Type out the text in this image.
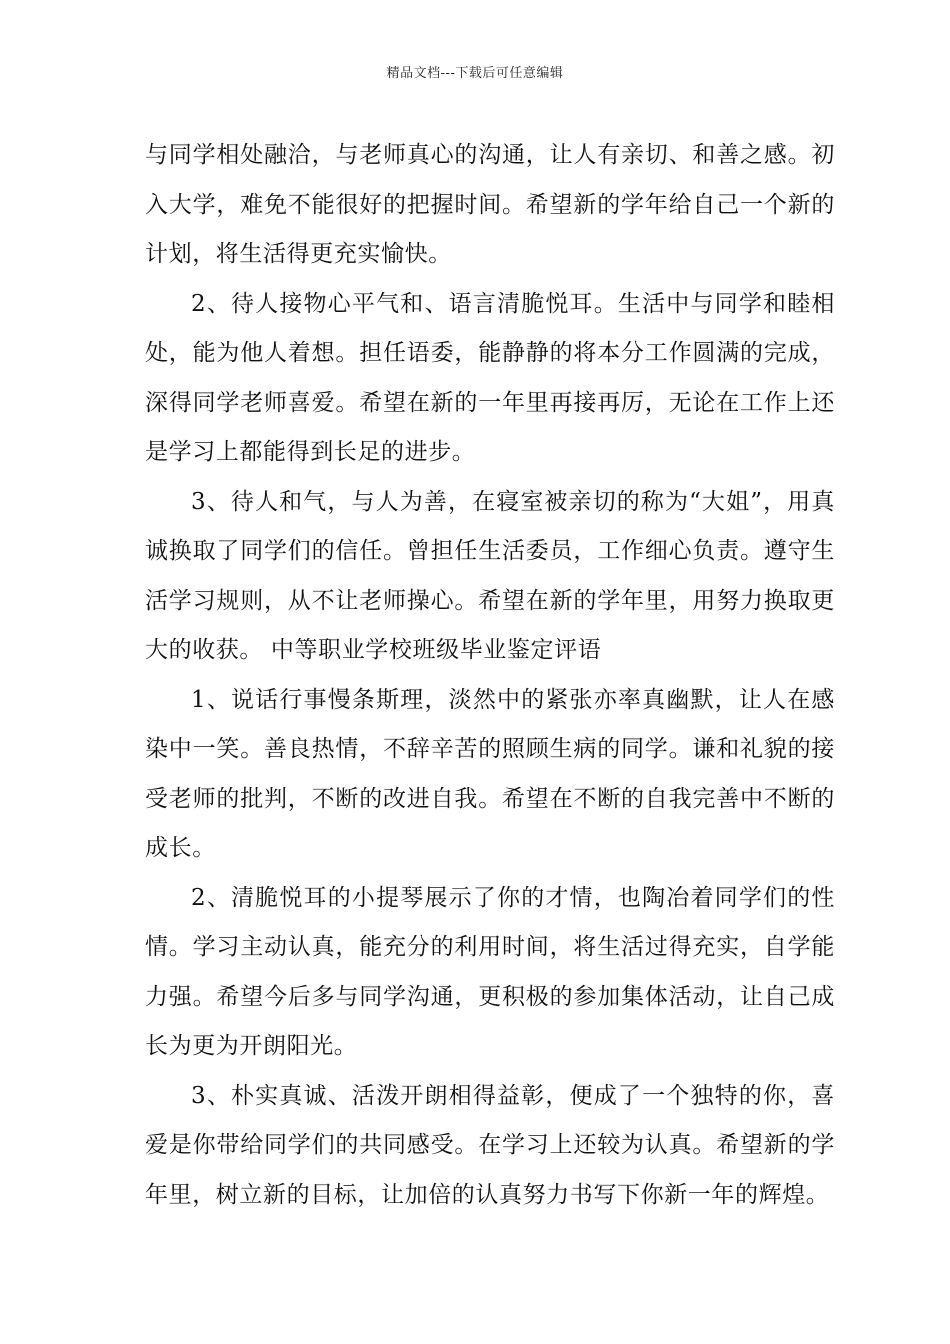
精品文档---下载后可任意编辑

与同学相处融洽，与老师真心的沟通，让人有亲切、和善之感。初入大学，难免不能很好的把握时间。希望新的学年给自己一个新的计划，将生活得更充实愉快。

2、待人接物心平气和、语言清脆悦耳。生活中与同学和睦相处，能为他人着想。担任语委，能静静的将本分工作圆满的完成，深得同学老师喜爱。希望在新的一年里再接再厉，无论在工作上还是学习上都能得到长足的进步。

3、待人和气，与人为善，在寝室被亲切的称为“大姐”，用真诚换取了同学们的信任。曾担任生活委员，工作细心负责。遵守生活学习规则，从不让老师操心。希望在新的学年里，用努力换取更大的收获。 中等职业学校班级毕业鉴定评语

1、说话行事慢条斯理，淡然中的紧张亦率真幽默，让人在感染中一笑。善良热情，不辞辛苦的照顾生病的同学。谦和礼貌的接受老师的批判，不断的改进自我。希望在不断的自我完善中不断的成长。

2、清脆悦耳的小提琴展示了你的才情，也陶冶着同学们的性情。学习主动认真，能充分的利用时间，将生活过得充实，自学能力强。希望今后多与同学沟通，更积极的参加集体活动，让自己成长为更为开朗阳光。

3、朴实真诚、活泼开朗相得益彰，便成了一个独特的你，喜爱是你带给同学们的共同感受。在学习上还较为认真。希望新的学年里，树立新的目标，让加倍的认真努力书写下你新一年的辉煌。
